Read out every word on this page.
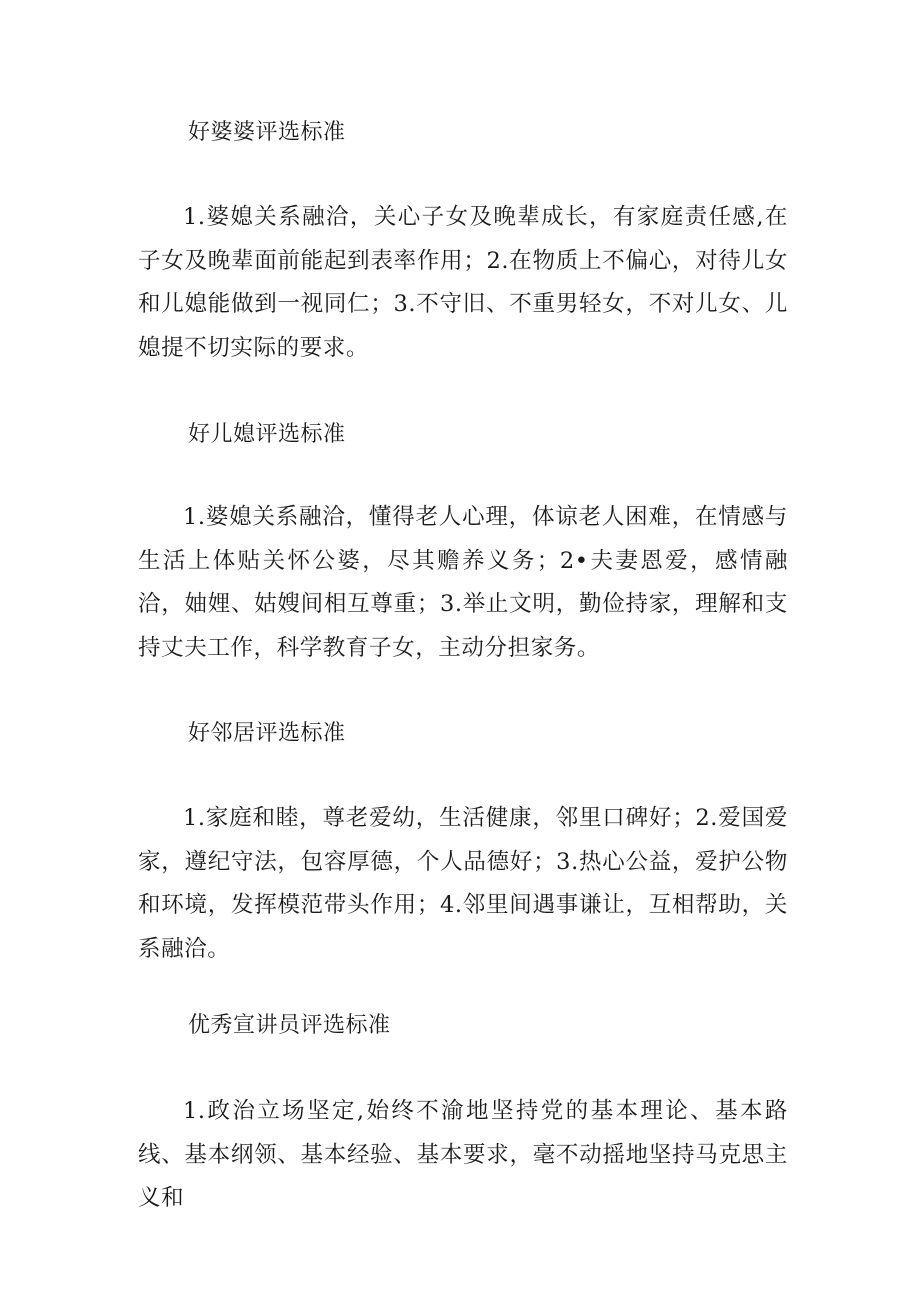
好婆婆评选标准

1.婆媳关系融洽，关心子女及晚辈成长，有家庭责任感,在子女及晚辈面前能起到表率作用；2.在物质上不偏心，对待儿女和儿媳能做到一视同仁；3.不守旧、不重男轻女，不对儿女、儿媳提不切实际的要求。

好儿媳评选标准

1.婆媳关系融洽，懂得老人心理，体谅老人困难，在情感与生活上体贴关怀公婆，尽其赡养义务；2•夫妻恩爱，感情融洽，妯娌、姑嫂间相互尊重；3.举止文明，勤俭持家，理解和支持丈夫工作，科学教育子女，主动分担家务。

好邻居评选标准

1.家庭和睦，尊老爱幼，生活健康，邻里口碑好；2.爱国爱家，遵纪守法，包容厚德，个人品德好；3.热心公益，爱护公物和环境，发挥模范带头作用；4.邻里间遇事谦让，互相帮助，关系融洽。

优秀宣讲员评选标准

1.政治立场坚定,始终不渝地坚持党的基本理论、基本路线、基本纲领、基本经验、基本要求，毫不动摇地坚持马克思主义和
